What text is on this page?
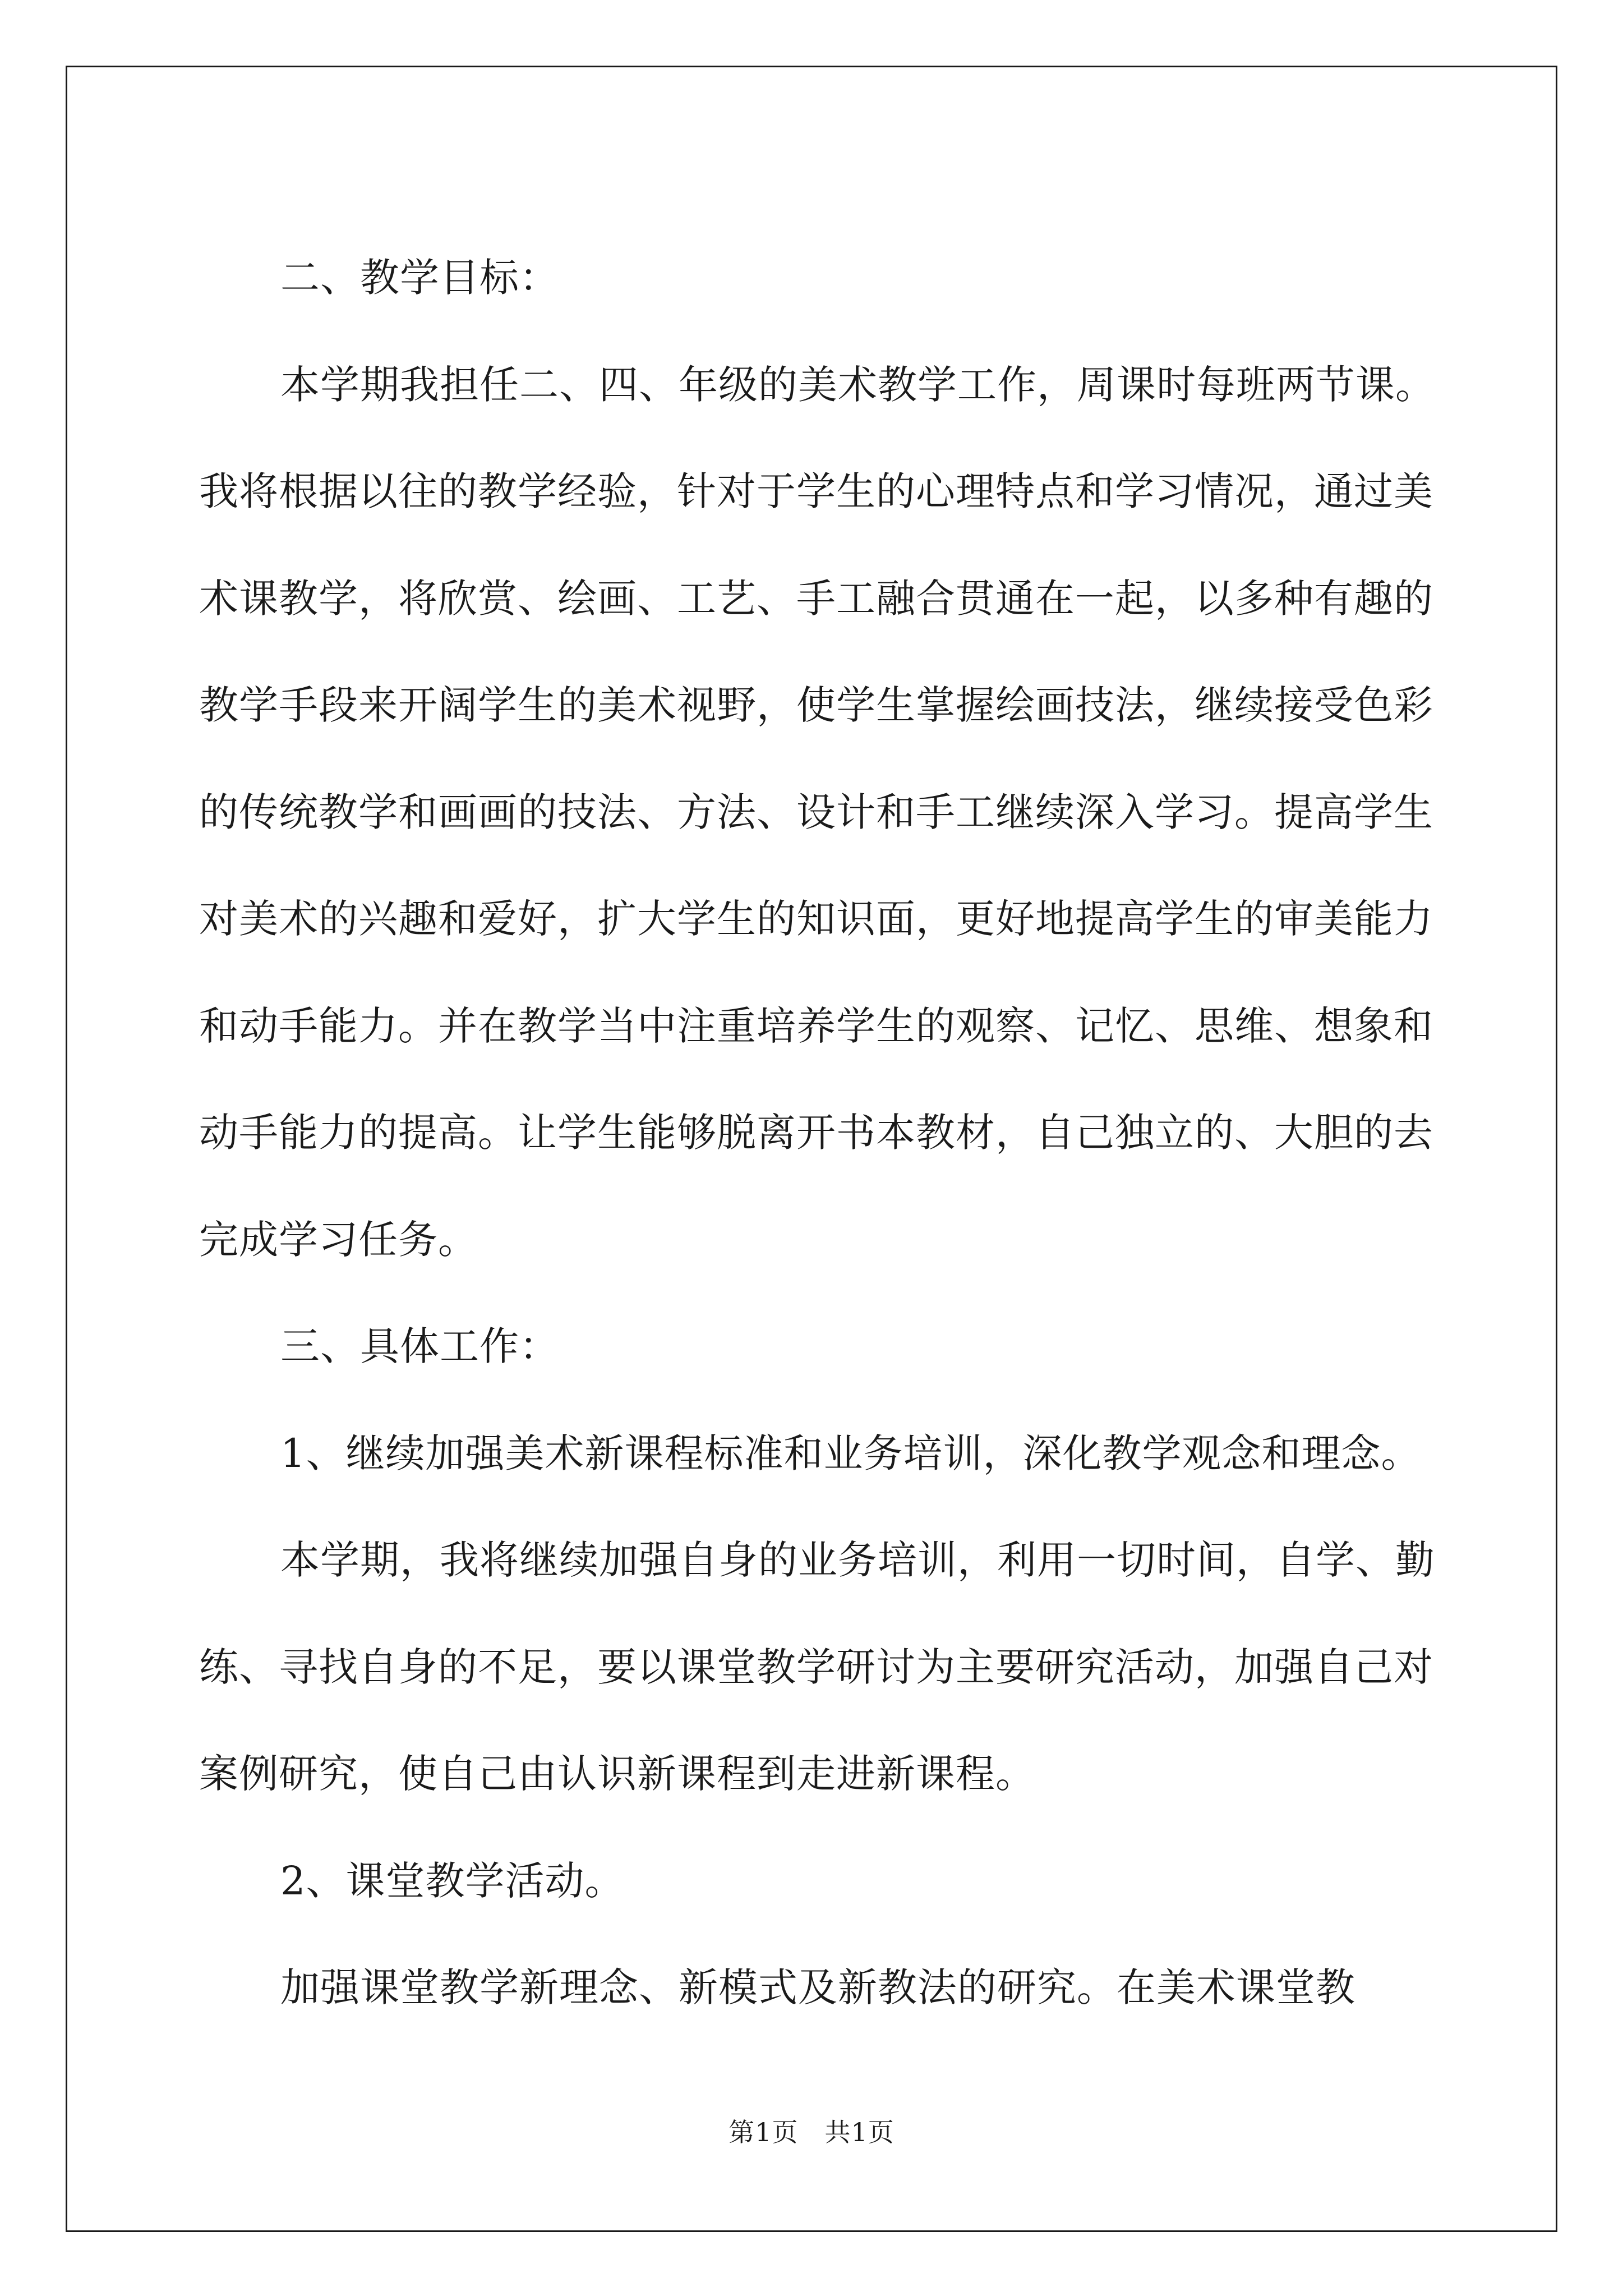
二、教学目标：

本学期我担任二、四、年级的美术教学工作，周课时每班两节课。我将根据以往的教学经验，针对于学生的心理特点和学习情况，通过美术课教学，将欣赏、绘画、工艺、手工融合贯通在一起，以多种有趣的教学手段来开阔学生的美术视野，使学生掌握绘画技法，继续接受色彩的传统教学和画画的技法、方法、设计和手工继续深入学习。提高学生对美术的兴趣和爱好，扩大学生的知识面，更好地提高学生的审美能力和动手能力。并在教学当中注重培养学生的观察、记忆、思维、想象和动手能力的提高。让学生能够脱离开书本教材，自己独立的、大胆的去完成学习任务。

三、具体工作：

1、继续加强美术新课程标准和业务培训，深化教学观念和理念。

本学期，我将继续加强自身的业务培训，利用一切时间，自学、勤练、寻找自身的不足，要以课堂教学研讨为主要研究活动，加强自己对案例研究，使自己由认识新课程到走进新课程。

2、课堂教学活动。

加强课堂教学新理念、新模式及新教法的研究。在美术课堂教

第1页　共1页
